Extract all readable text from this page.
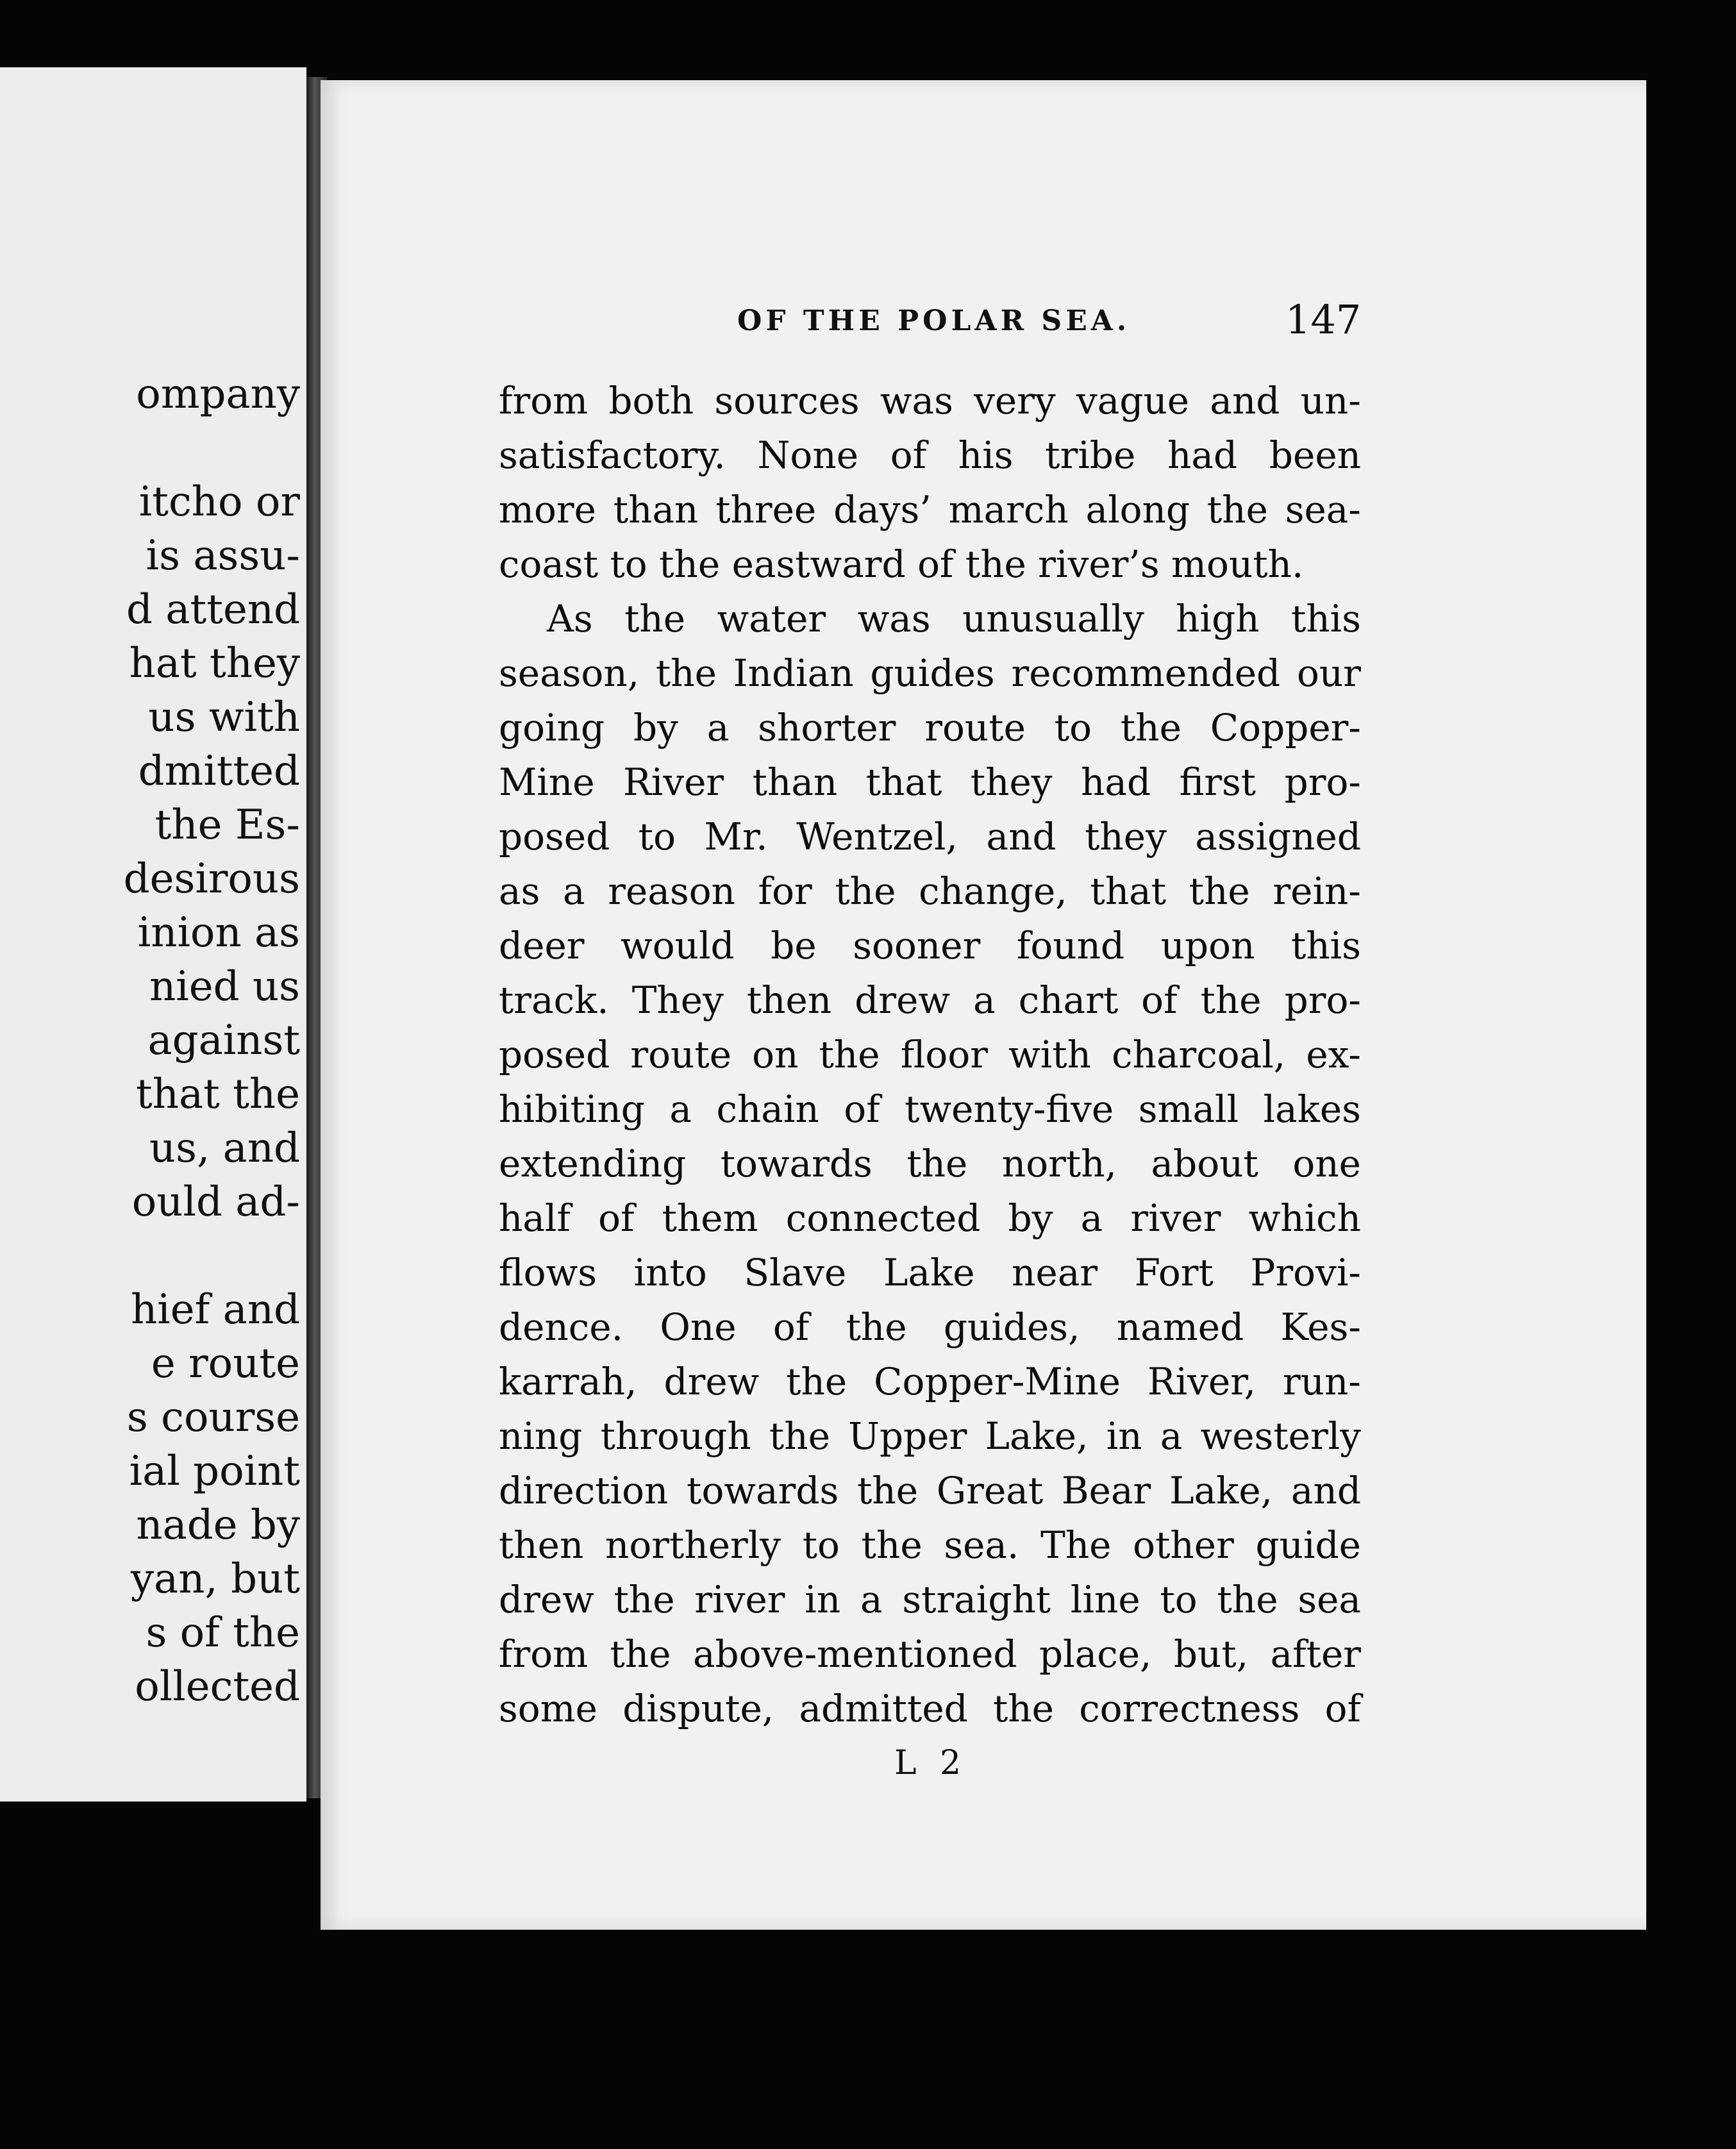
ompany
itcho or
is assu-
d attend
hat they
us with
dmitted
the Es-
desirous
inion as
nied us
against
that the
us, and
ould ad-
hief and
e route
s course
ial point
nade by
yan, but
s of the
ollected
OF THE POLAR SEA.	147
from both sources was very vague and un-
satisfactory. None of his tribe had been
more than three days’ march along the sea-
coast to the eastward of the river’s mouth.
As the water was unusually high this
season, the Indian guides recommended our
going by a shorter route to the Copper-
Mine River than that they had first pro-
posed to Mr. Wentzel, and they assigned
as a reason for the change, that the rein-
deer would be sooner found upon this
track. They then drew a chart of the pro-
posed route on the floor with charcoal, ex-
hibiting a chain of twenty-five small lakes
extending towards the north, about one
half of them connected by a river which
flows into Slave Lake near Fort Provi-
dence. One of the guides, named Kes-
karrah, drew the Copper-Mine River, run-
ning through the Upper Lake, in a westerly
direction towards the Great Bear Lake, and
then northerly to the sea. The other guide
drew the river in a straight line to the sea
from the above-mentioned place, but, after
some dispute, admitted the correctness of
L 2
